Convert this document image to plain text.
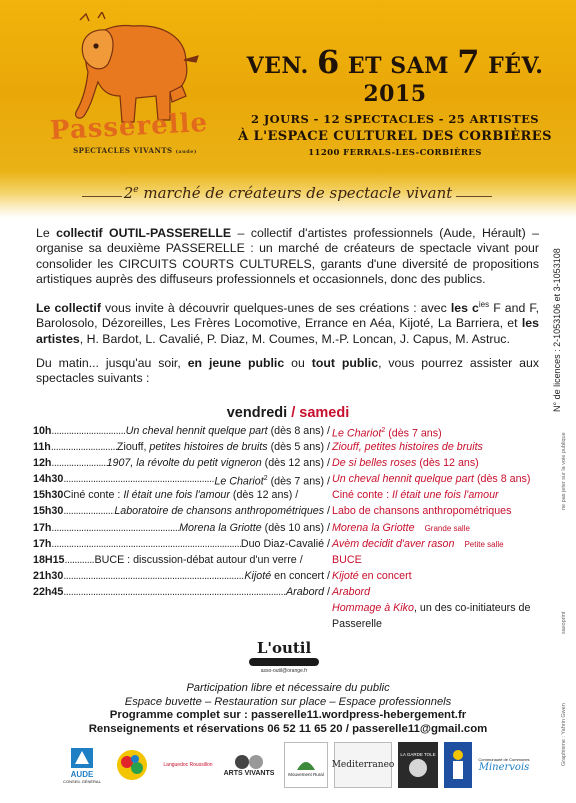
Passerelle
SPECTACLES VIVANTS (aude)
VEN. 6 ET SAM 7 FÉV. 2015
2 JOURS - 12 SPECTACLES - 25 ARTISTES
À L'ESPACE CULTUREL DES CORBIÈRES
11200 FERRALS-LES-CORBIÈRES
2e marché de créateurs de spectacle vivant

Le collectif OUTIL-PASSERELLE – collectif d'artistes professionnels (Aude, Hérault) – organise sa deuxième PASSERELLE : un marché de créateurs de spectacle vivant pour consolider les CIRCUITS COURTS CULTURELS, garants d'une diversité de propositions artistiques auprès des diffuseurs professionnels et occasionnels, donc des publics.

Le collectif vous invite à découvrir quelques-unes de ses créations : avec les $c^{ies}$ F and F, Barolosolo, Dézoreilles, Les Frères Locomotive, Errance en Aéa, Kijoté, La Barriera, et les artistes, H. Bardot, L. Cavalié, P. Diaz, M. Coumes, M.-P. Loncan, J. Capus, M. Astruc.

Du matin... jusqu'au soir, en jeune public ou tout public, vous pourrez assister aux spectacles suivants :

vendredi / samedi
10h .....	Un cheval hennit quelque part (dès 8 ans) / Le Chariot$^2$ (dès 7 ans)
11h .....	Ziouff, petites histoires de bruits (dès 5 ans) / Ziouff, petites histoires de bruits
12h .....	1907, la révolte du petit vigneron (dès 12 ans) / De si belles roses (dès 12 ans)
14h30 .....	Le Chariot$^2$ (dès 7 ans) / Un cheval hennit quelque part (dès 8 ans)
15h30 Ciné conte : Il était une fois l'amour (dès 12 ans) /	Ciné conte : Il était une fois l'amour
15h30 .....	Laboratoire de chansons anthropométriques / Labo de chansons anthropométriques
17h .....	Morena la Griotte (dès 10 ans) / Morena la Griotte Grande salle
17h .....	Duo Diaz-Cavalié / Avèm decidit d'aver rason Petite salle
18H15 .....	BUCE : discussion-débat autour d'un verre /	BUCE
21h30 .....	Kijoté en concert / Kijoté en concert
22h45 .....	Arabord / Arabord
Hommage à Kiko, un des co-initiateurs de
Passerelle
L'outil
asso-outil@orange.fr
Participation libre et nécessaire du public
Espace buvette – Restauration sur place – Espace professionnels
Programme complet sur : passerelle11.wordpress-hebergement.fr
Renseignements et réservations 06 52 11 65 20 / passerelle11@gmail.com
AUDE
CONSEIL GÉNÉRAL
Languedoc Roussillon
ARTS VIVANTS	Mouvement Rural
Mediterraneo
LA GARDE TOLE
Communauté de Communes
Minervois
N° de licences : 2-1053106 et 3-1053108
ne pas jeter sur la voie publique
saxoprint
Graphisme : Yahrin Gwen
